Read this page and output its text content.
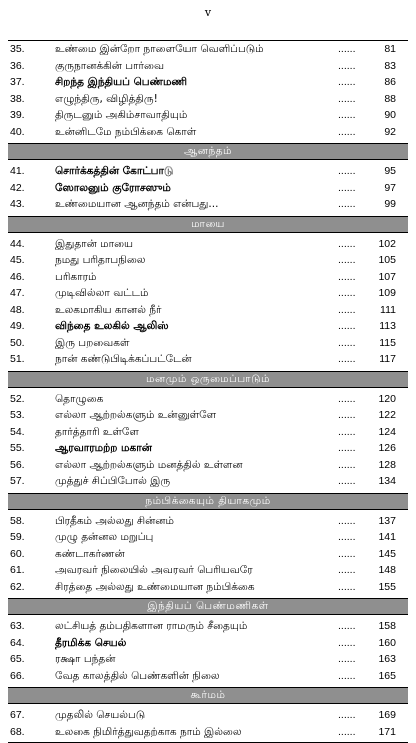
v
35.	உண்மை இன்றோ நாளையோ வெளிப்படும்	......	81
36.	குருநானக்கின் பார்வை	......	83
37.	சிறந்த இந்தியப் பெண்மணி	......	86
38.	எழுந்திரு, விழித்திரு!	......	88
39.	திருடனும் அகிம்சாவாதியும்	......	90
40.	உன்னிடமே நம்பிக்கை கொள்	......	92
ஆனந்தம்
41.	சொர்க்கத்தின் கோட்பாடு	......	95
42.	ஸோலனும் குரோசஸும்	......	97
43.	உண்மையான ஆனந்தம் என்பது...	......	99
மாயை
44.	இதுதான் மாயை	...... 102
45.	நமது பரிதாபநிலை	...... 105
46.	பரிகாரம்	...... 107
47.	முடிவில்லா வட்டம்	...... 109
48.	உலகமாகிய கானல் நீர்	...... 111
49.	விந்தை உலகில் ஆலிஸ்	...... 113
50.	இரு பறவைகள்	...... 115
51.	நான் கண்டுபிடிக்கப்பட்டேன்	...... 117
மனமும் ஒருமைப்பாடும்
52.	தொழுகை	...... 120
53.	எல்லா ஆற்றல்களும் உன்னுள்ளே	...... 122
54.	தார்த்தாரி உள்ளே	...... 124
55.	ஆரவாரமற்ற மகான்	...... 126
56.	எல்லா ஆற்றல்களும் மனத்தில் உள்ளன	...... 128
57.	முத்துச் சிப்பிபோல் இரு	...... 134
நம்பிக்கையும் தியாகமும்
58.	பிரதீகம் அல்லது சின்னம்	...... 137
59.	முழு தன்னல மறுப்பு	...... 141
60.	கண்டாகர்ணன்	...... 145
61.	அவரவர் நிலையில் அவரவர் பெரியவரே	...... 148
62.	சிரத்தை அல்லது உண்மையான நம்பிக்கை	...... 155
இந்தியப் பெண்மணிகள்
63.	லட்சியத் தம்பதிகளான ராமரும் சீதையும்	...... 158
64.	தீரமிக்க செயல்	...... 160
65.	ரக்ஷா பந்தன்	...... 163
66.	வேத காலத்தில் பெண்களின் நிலை	...... 165
கூர்மம்
67.	முதலில் செயல்படு	...... 169
68.	உலகை நிமிர்த்துவதற்காக நாம் இல்லை	...... 171
